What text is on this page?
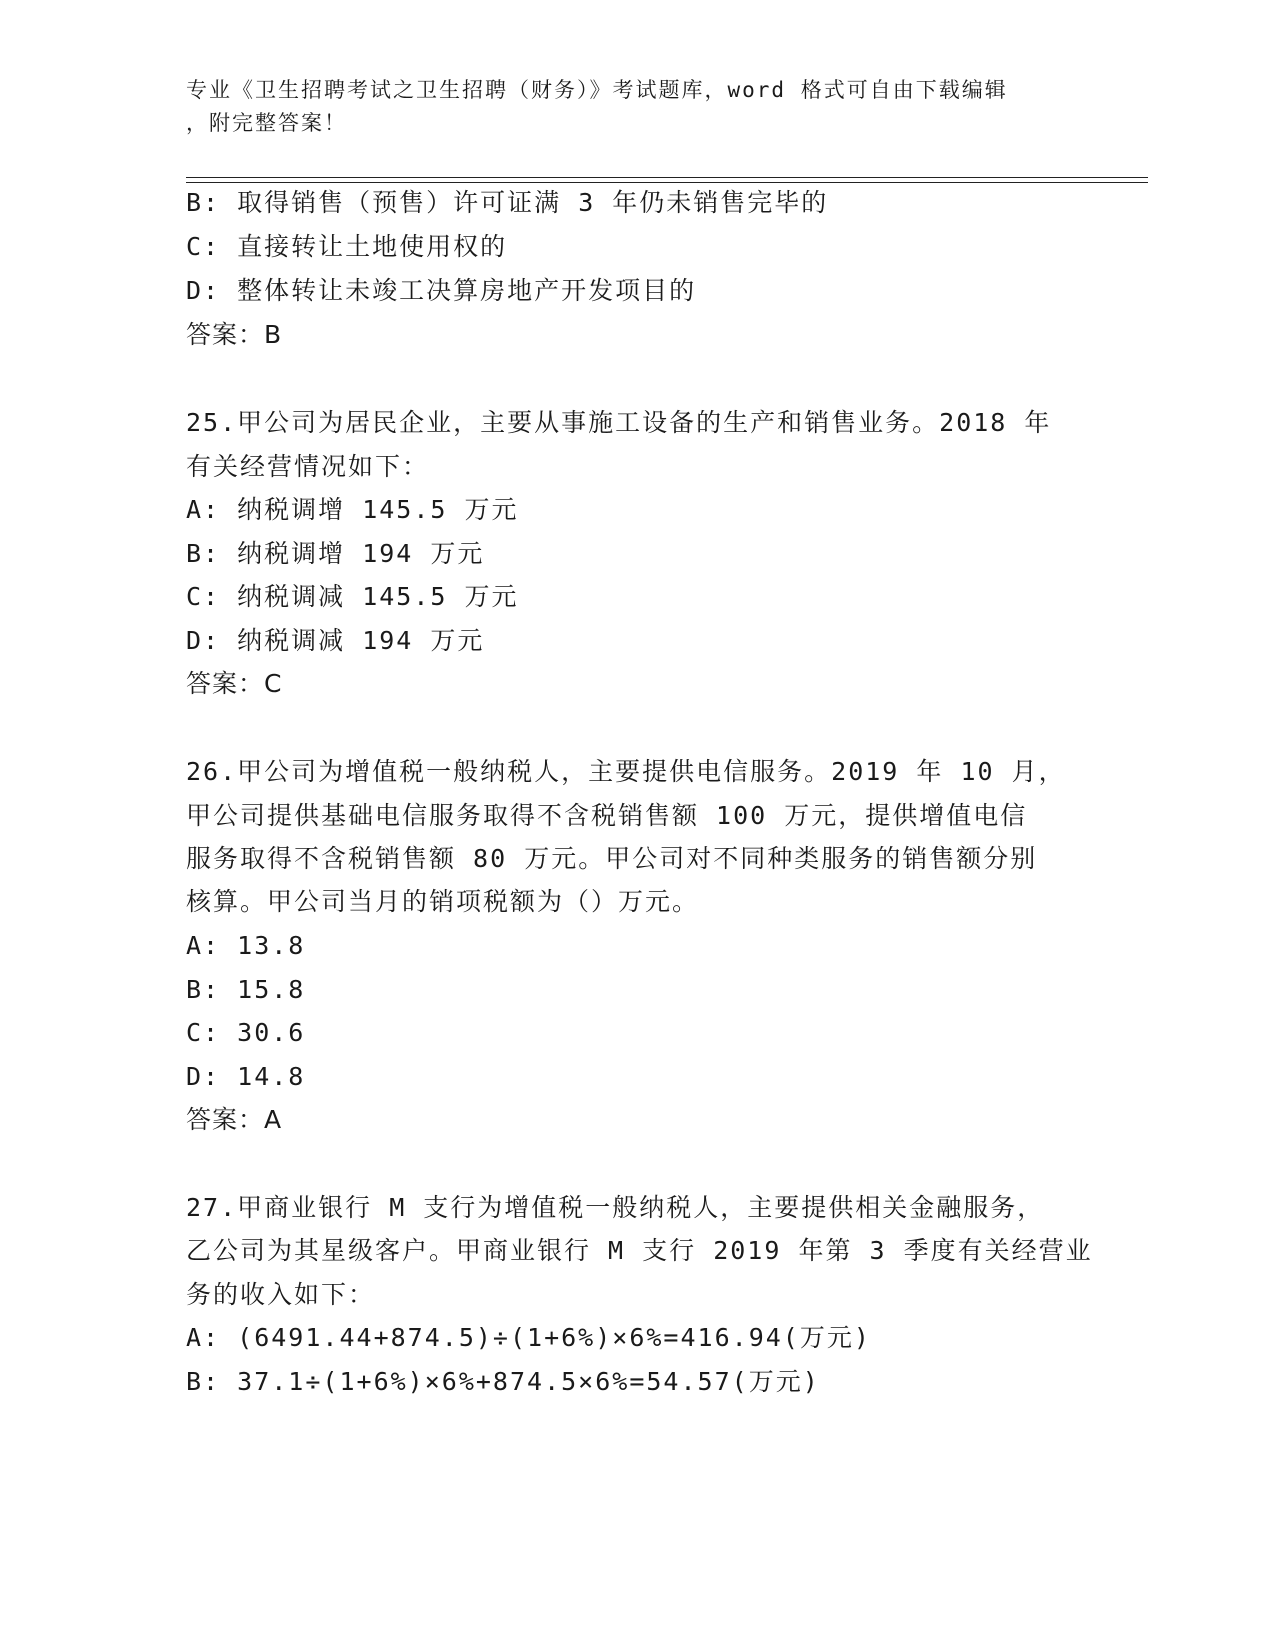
专业《卫生招聘考试之卫生招聘（财务）》考试题库，word 格式可自由下载编辑
，附完整答案！
B: 取得销售（预售）许可证满 3 年仍未销售完毕的
C: 直接转让土地使用权的
D: 整体转让未竣工决算房地产开发项目的
答案：B
25.甲公司为居民企业，主要从事施工设备的生产和销售业务。2018 年
有关经营情况如下：
A: 纳税调增 145.5 万元
B: 纳税调增 194 万元
C: 纳税调减 145.5 万元
D: 纳税调减 194 万元
答案：C
26.甲公司为增值税一般纳税人，主要提供电信服务。2019 年 10 月，
甲公司提供基础电信服务取得不含税销售额 100 万元，提供增值电信
服务取得不含税销售额 80 万元。甲公司对不同种类服务的销售额分别
核算。甲公司当月的销项税额为（）万元。
A: 13.8
B: 15.8
C: 30.6
D: 14.8
答案：A
27.甲商业银行 M 支行为增值税一般纳税人，主要提供相关金融服务，
乙公司为其星级客户。甲商业银行 M 支行 2019 年第 3 季度有关经营业
务的收入如下：
A: (6491.44+874.5)÷(1+6%)×6%=416.94(万元)
B: 37.1÷(1+6%)×6%+874.5×6%=54.57(万元)
